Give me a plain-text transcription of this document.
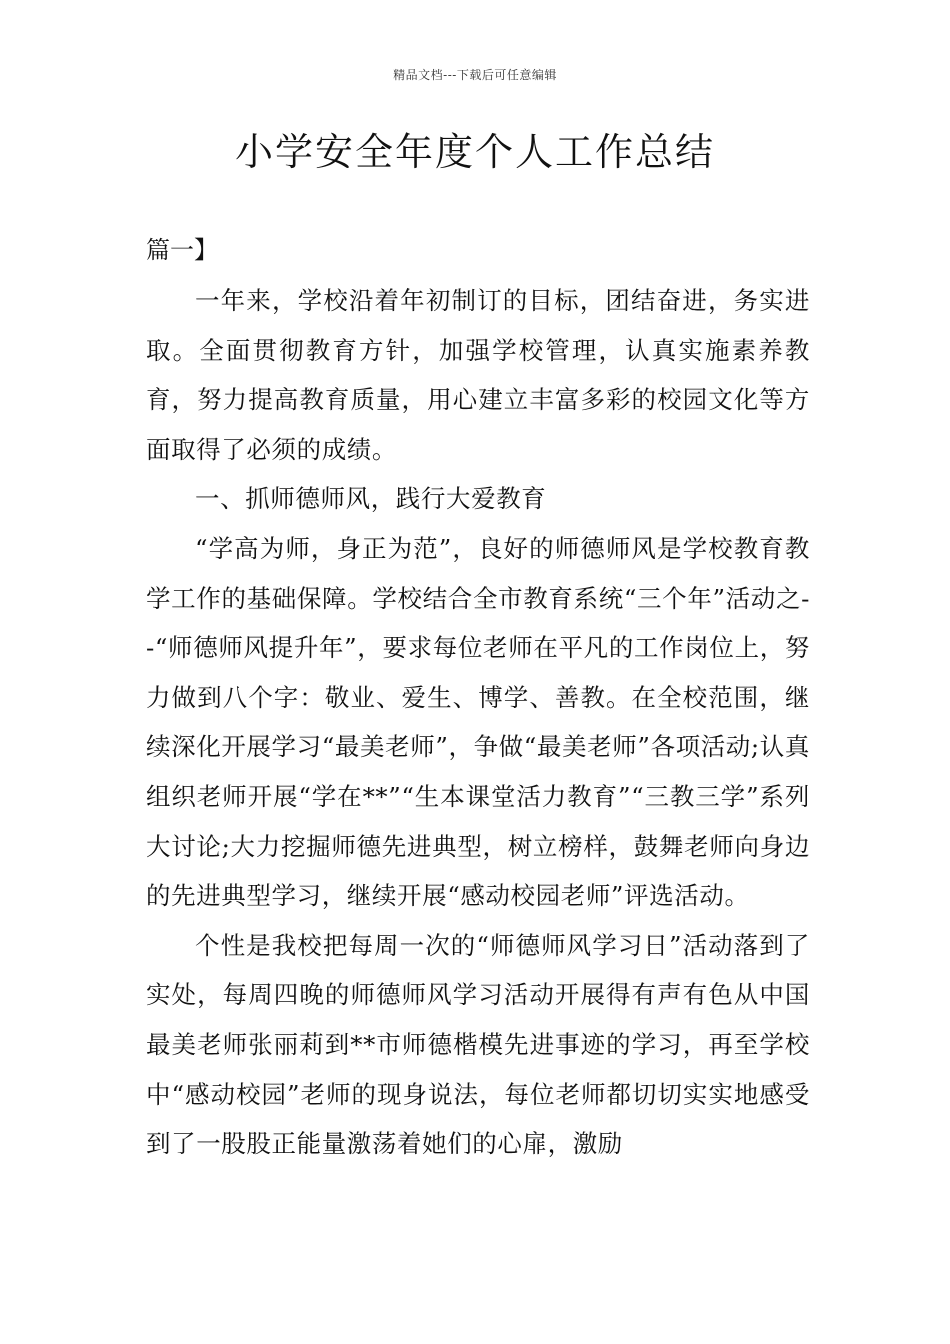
精品文档---下载后可任意编辑
小学安全年度个人工作总结
篇一】

一年来，学校沿着年初制订的目标，团结奋进，务实进取。全面贯彻教育方针，加强学校管理，认真实施素养教育，努力提高教育质量，用心建立丰富多彩的校园文化等方面取得了必须的成绩。

一、抓师德师风，践行大爱教育

“学高为师，身正为范”，良好的师德师风是学校教育教学工作的基础保障。学校结合全市教育系统“三个年”活动之--“师德师风提升年”，要求每位老师在平凡的工作岗位上，努力做到八个字：敬业、爱生、博学、善教。在全校范围，继续深化开展学习“最美老师”，争做“最美老师”各项活动;认真组织老师开展“学在**”“生本课堂活力教育”“三教三学”系列大讨论;大力挖掘师德先进典型，树立榜样，鼓舞老师向身边的先进典型学习，继续开展“感动校园老师”评选活动。

个性是我校把每周一次的“师德师风学习日”活动落到了实处，每周四晚的师德师风学习活动开展得有声有色从中国最美老师张丽莉到**市师德楷模先进事迹的学习，再至学校中“感动校园”老师的现身说法，每位老师都切切实实地感受到了一股股正能量激荡着她们的心扉，激励
